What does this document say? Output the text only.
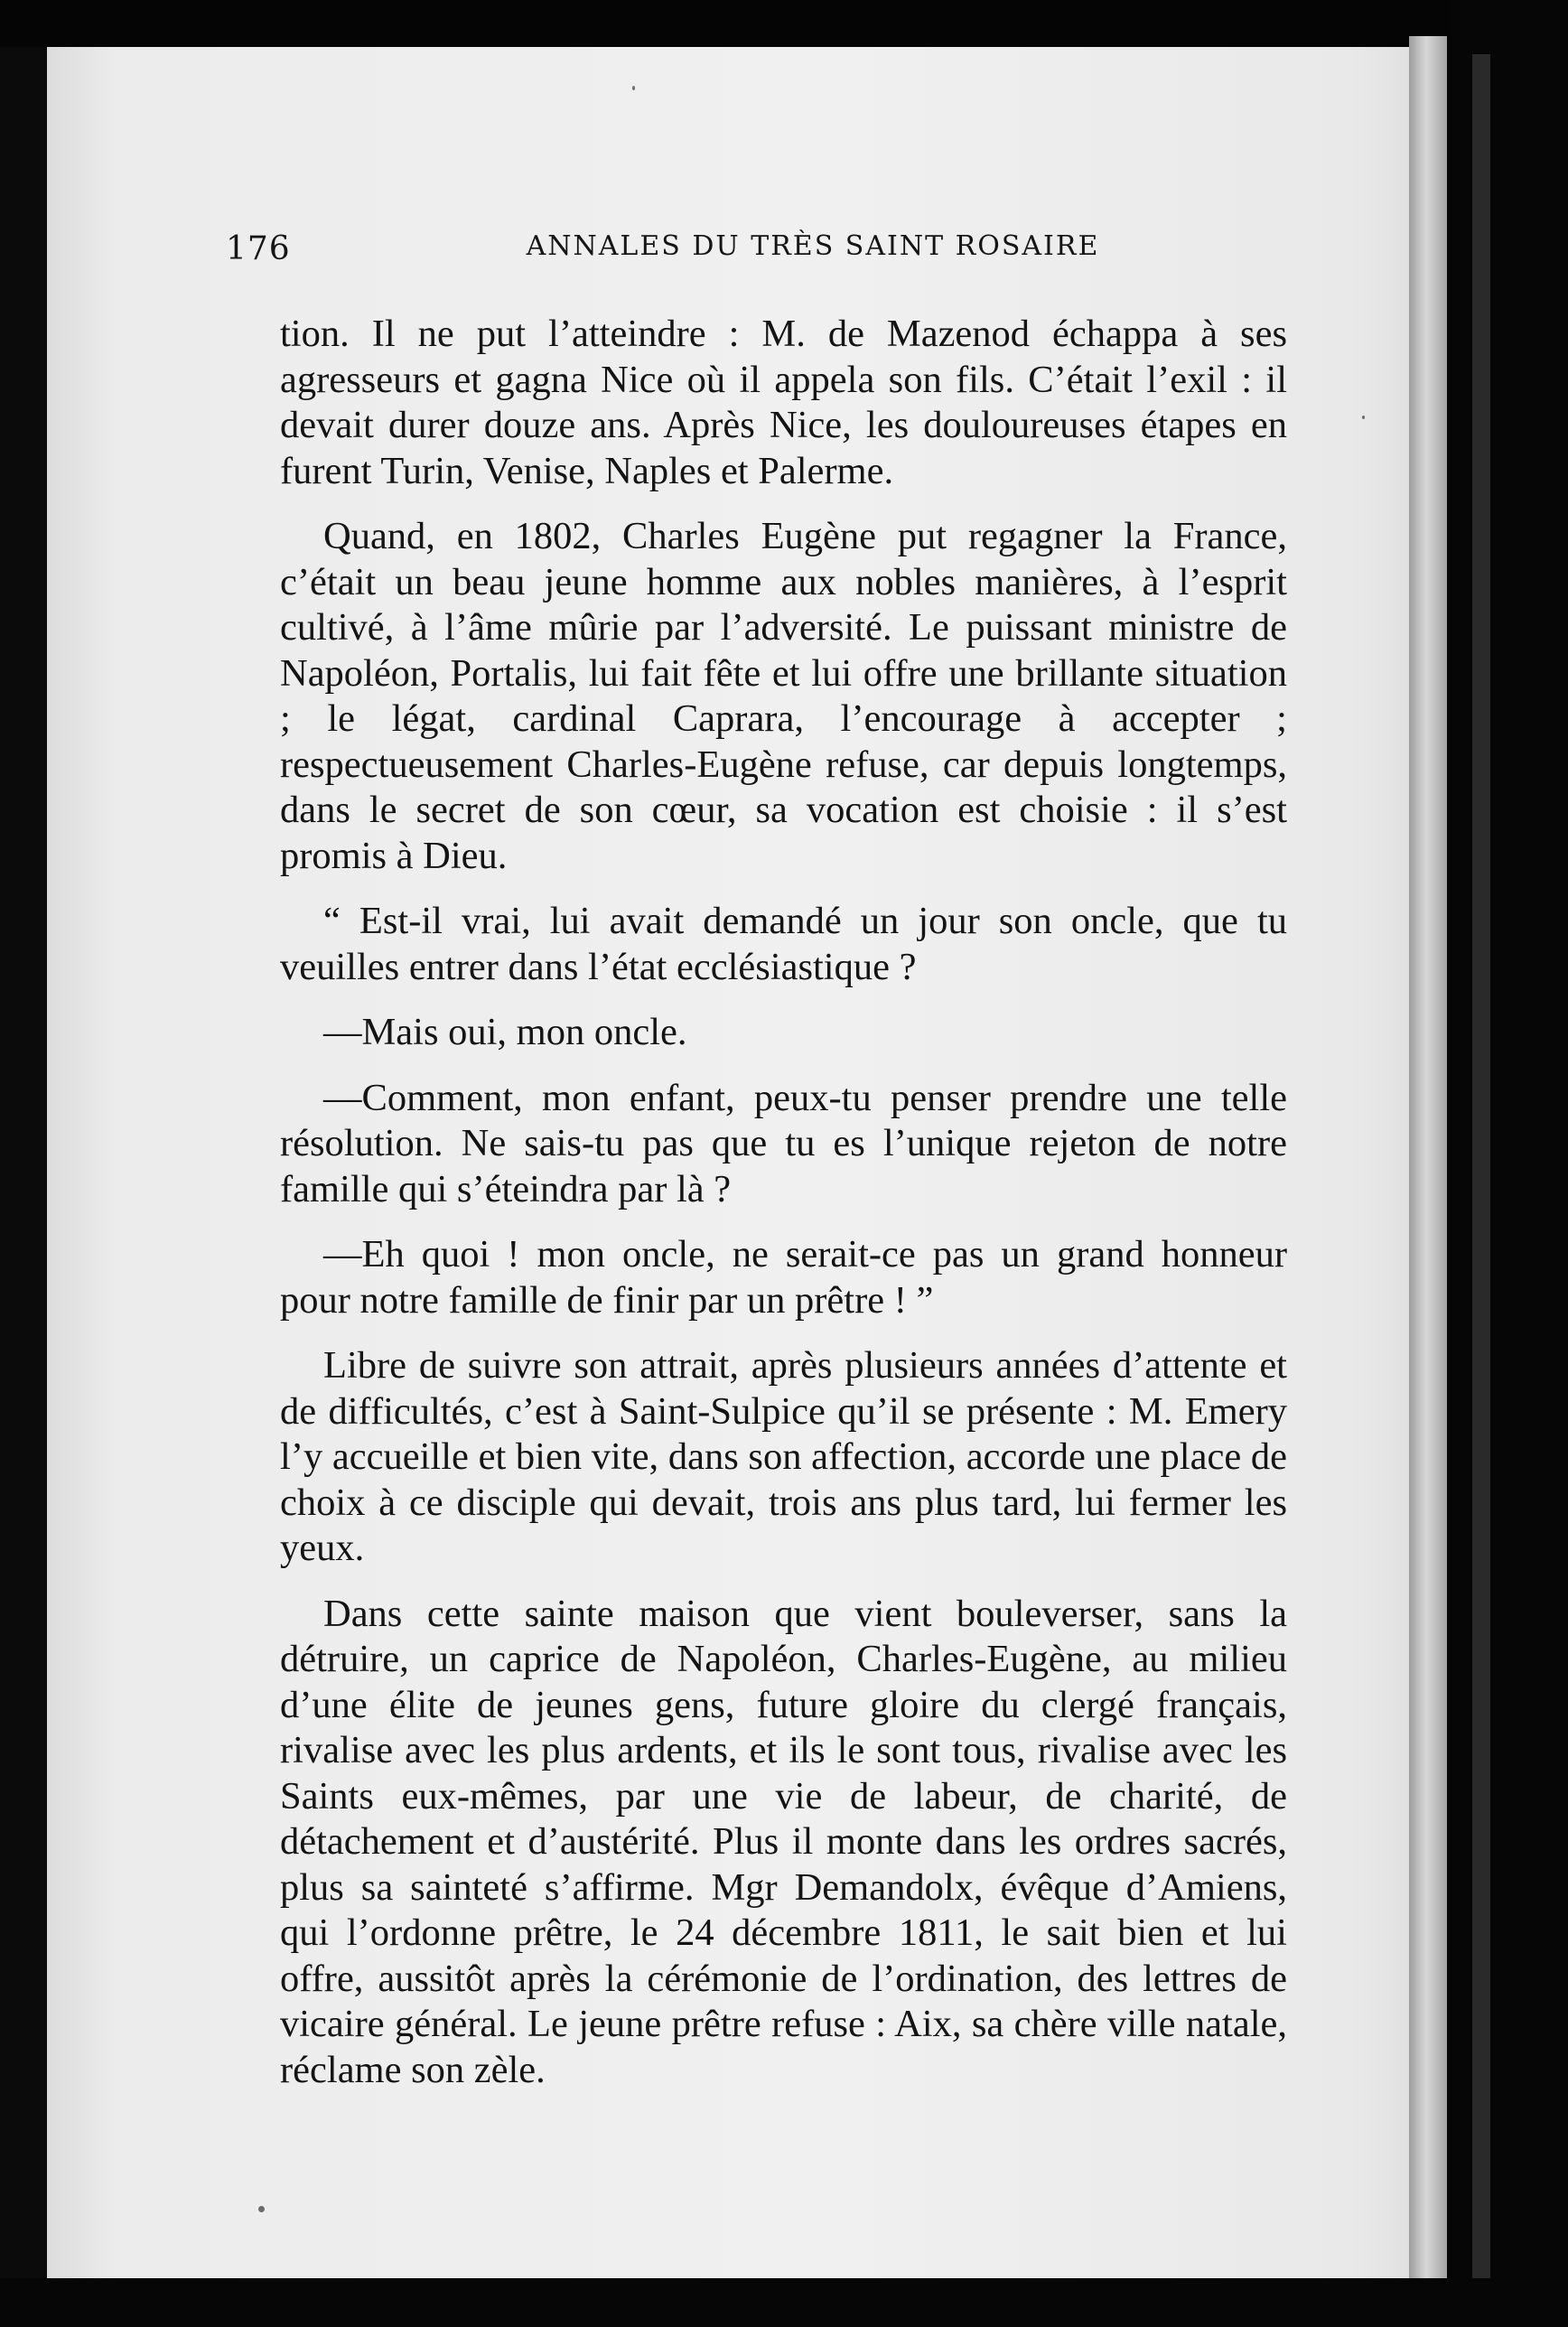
176	ANNALES DU TRÈS SAINT ROSAIRE

tion. Il ne put l’atteindre : M. de Mazenod échappa à ses agresseurs et gagna Nice où il appela son fils. C’était l’exil : il devait durer douze ans. Après Nice, les douloureuses étapes en furent Turin, Venise, Naples et Palerme.

Quand, en 1802, Charles Eugène put regagner la France, c’était un beau jeune homme aux nobles manières, à l’esprit cultivé, à l’âme mûrie par l’adversité. Le puissant ministre de Napoléon, Portalis, lui fait fête et lui offre une brillante situation ; le légat, cardinal Caprara, l’encourage à accepter ; respectueusement Charles-Eugène refuse, car depuis longtemps, dans le secret de son cœur, sa vocation est choisie : il s’est promis à Dieu.

“ Est-il vrai, lui avait demandé un jour son oncle, que tu veuilles entrer dans l’état ecclésiastique ?

—Mais oui, mon oncle.

—Comment, mon enfant, peux-tu penser prendre une telle résolution. Ne sais-tu pas que tu es l’unique rejeton de notre famille qui s’éteindra par là ?

—Eh quoi ! mon oncle, ne serait-ce pas un grand honneur pour notre famille de finir par un prêtre ! ”

Libre de suivre son attrait, après plusieurs années d’attente et de difficultés, c’est à Saint-Sulpice qu’il se présente : M. Emery l’y accueille et bien vite, dans son affection, accorde une place de choix à ce disciple qui devait, trois ans plus tard, lui fermer les yeux.

Dans cette sainte maison que vient bouleverser, sans la détruire, un caprice de Napoléon, Charles-Eugène, au milieu d’une élite de jeunes gens, future gloire du clergé français, rivalise avec les plus ardents, et ils le sont tous, rivalise avec les Saints eux-mêmes, par une vie de labeur, de charité, de détachement et d’austérité. Plus il monte dans les ordres sacrés, plus sa sainteté s’affirme. Mgr Demandolx, évêque d’Amiens, qui l’ordonne prêtre, le 24 décembre 1811, le sait bien et lui offre, aussitôt après la cérémonie de l’ordination, des lettres de vicaire général. Le jeune prêtre refuse : Aix, sa chère ville natale, réclame son zèle.
